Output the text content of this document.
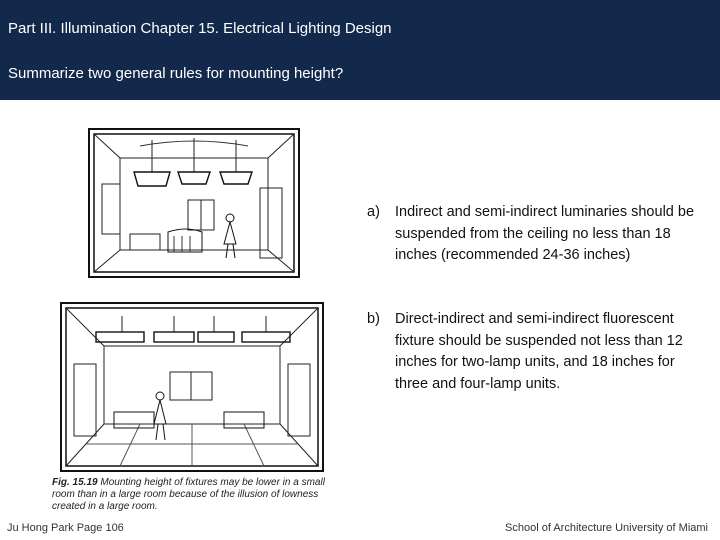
Part III. Illumination Chapter 15. Electrical Lighting Design
Summarize two general rules for mounting height?
Fig. 15.19 Mounting height of fixtures may be lower in a small room than in a large room because of the illusion of lowness created in a large room.
a) Indirect and semi-indirect luminaries should be suspended from the ceiling no less than 18 inches (recommended 24-36 inches)
b) Direct-indirect and semi-indirect fluorescent fixture should be suspended not less than 12 inches for two-lamp units, and 18 inches for three and four-lamp units.
Ju Hong Park Page 106	School of Architecture University of Miami
